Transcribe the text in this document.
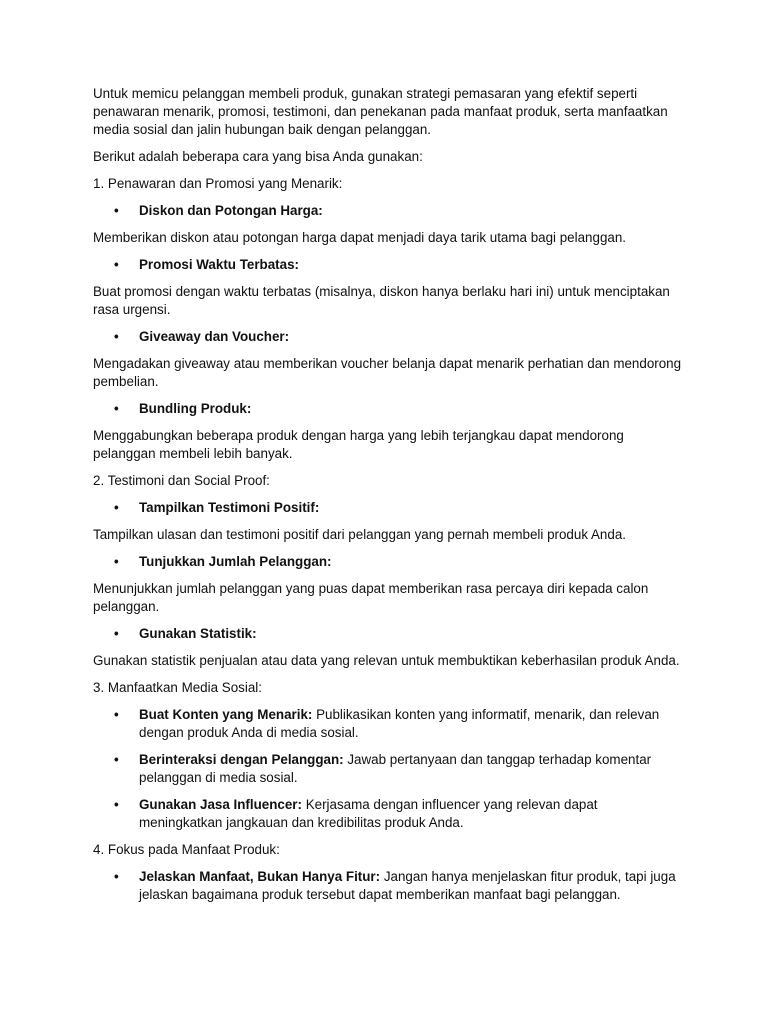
Untuk memicu pelanggan membeli produk, gunakan strategi pemasaran yang efektif seperti penawaran menarik, promosi, testimoni, dan penekanan pada manfaat produk, serta manfaatkan media sosial dan jalin hubungan baik dengan pelanggan.

Berikut adalah beberapa cara yang bisa Anda gunakan:

1. Penawaran dan Promosi yang Menarik:

• Diskon dan Potongan Harga:

Memberikan diskon atau potongan harga dapat menjadi daya tarik utama bagi pelanggan.

• Promosi Waktu Terbatas:

Buat promosi dengan waktu terbatas (misalnya, diskon hanya berlaku hari ini) untuk menciptakan rasa urgensi.

• Giveaway dan Voucher:

Mengadakan giveaway atau memberikan voucher belanja dapat menarik perhatian dan mendorong pembelian.

• Bundling Produk:

Menggabungkan beberapa produk dengan harga yang lebih terjangkau dapat mendorong pelanggan membeli lebih banyak.

2. Testimoni dan Social Proof:

• Tampilkan Testimoni Positif:

Tampilkan ulasan dan testimoni positif dari pelanggan yang pernah membeli produk Anda.

• Tunjukkan Jumlah Pelanggan:

Menunjukkan jumlah pelanggan yang puas dapat memberikan rasa percaya diri kepada calon pelanggan.

• Gunakan Statistik:

Gunakan statistik penjualan atau data yang relevan untuk membuktikan keberhasilan produk Anda.

3. Manfaatkan Media Sosial:

• Buat Konten yang Menarik: Publikasikan konten yang informatif, menarik, dan relevan dengan produk Anda di media sosial.
• Berinteraksi dengan Pelanggan: Jawab pertanyaan dan tanggap terhadap komentar pelanggan di media sosial.
• Gunakan Jasa Influencer: Kerjasama dengan influencer yang relevan dapat meningkatkan jangkauan dan kredibilitas produk Anda.

4. Fokus pada Manfaat Produk:

• Jelaskan Manfaat, Bukan Hanya Fitur: Jangan hanya menjelaskan fitur produk, tapi juga jelaskan bagaimana produk tersebut dapat memberikan manfaat bagi pelanggan.
